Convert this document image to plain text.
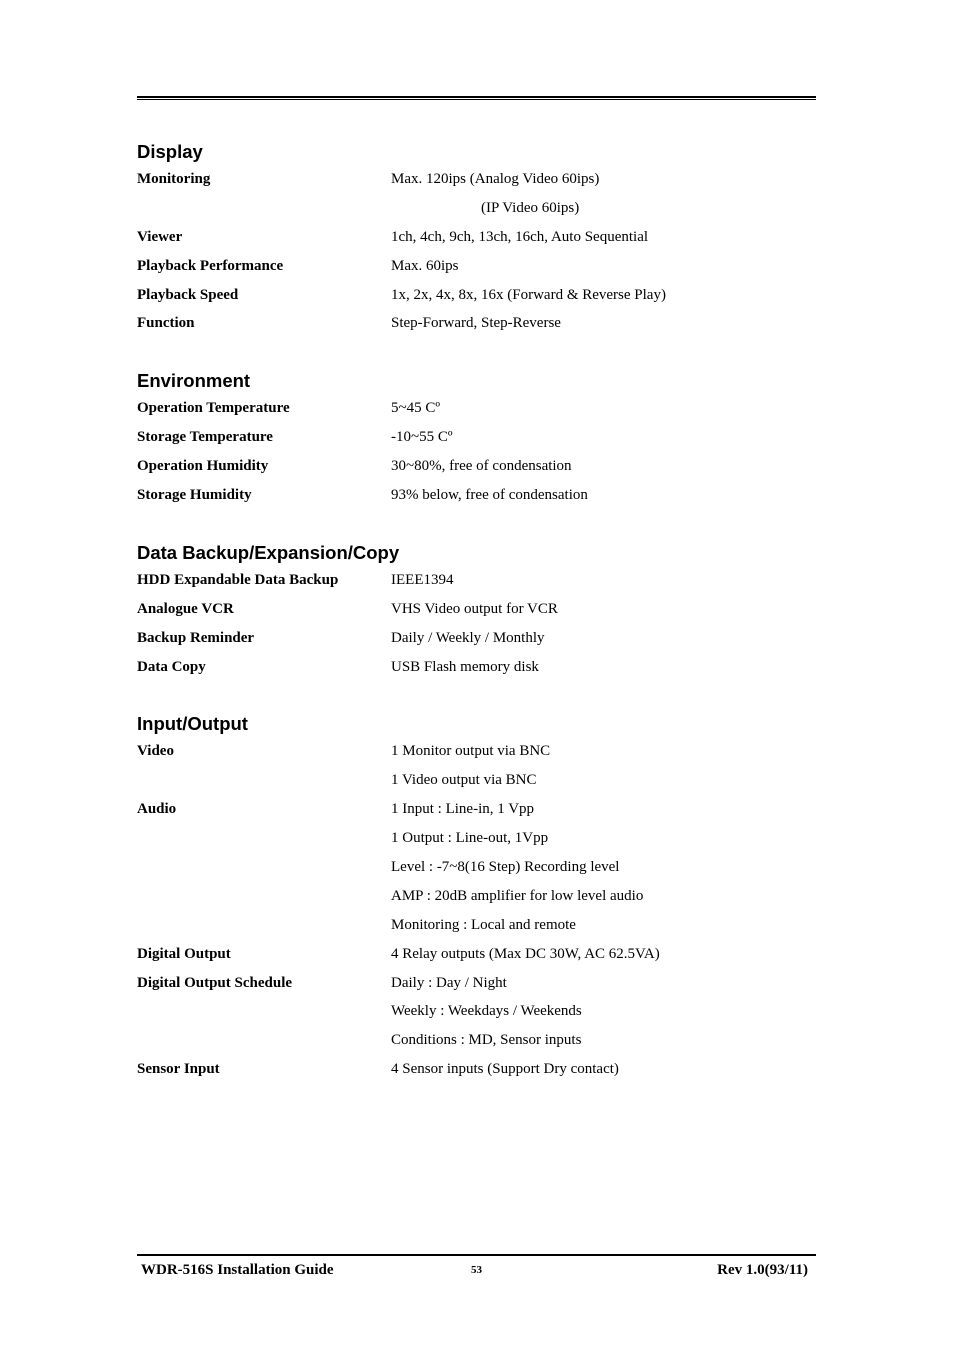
Display
Monitoring	Max. 120ips (Analog Video 60ips)
(IP Video 60ips)
Viewer	1ch, 4ch, 9ch, 13ch, 16ch, Auto Sequential
Playback Performance	Max. 60ips
Playback Speed	1x, 2x, 4x, 8x, 16x (Forward & Reverse Play)
Function	Step-Forward, Step-Reverse
Environment
Operation Temperature	5~45 Cº
Storage Temperature	-10~55 Cº
Operation Humidity	30~80%, free of condensation
Storage Humidity	93% below, free of condensation
Data Backup/Expansion/Copy
HDD Expandable Data Backup	IEEE1394
Analogue VCR	VHS Video output for VCR
Backup Reminder	Daily / Weekly / Monthly
Data Copy	USB Flash memory disk
Input/Output
Video	1 Monitor output via BNC
1 Video output via BNC
Audio	1 Input : Line-in, 1 Vpp
1 Output : Line-out, 1Vpp
Level : -7~8(16 Step) Recording level
AMP : 20dB amplifier for low level audio
Monitoring : Local and remote
Digital Output	4 Relay outputs (Max DC 30W, AC 62.5VA)
Digital Output Schedule	Daily : Day / Night
Weekly : Weekdays / Weekends
Conditions : MD, Sensor inputs
Sensor Input	4 Sensor inputs (Support Dry contact)
WDR-516S Installation Guide	53	Rev 1.0(93/11)
